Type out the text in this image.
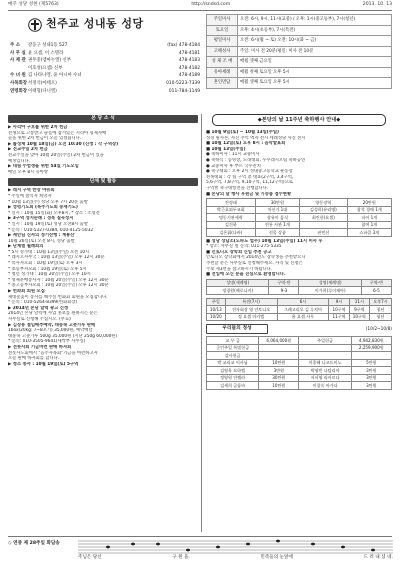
매주 성당 성현 (제5763)	http://sndsd.com	2013. 10. 13
천주교 성내동 성당
주 소	강동구 성내1동 527	(fax) 478-4184
사 무 실 윤 요셉, 이 스텔라	478-4181
사 제 관 권무중(엠마누엘) 신부	478-4183
이호성(요셉) 신부	478-4182
수 녀 원 김 나타나엘, 윤 아니마 수녀	478-4189
사목회장 서정석(마태오)	010-5223-7339
연령회장 이태형(다니엘)	011-784-1149
주일미사	오전: 6시, 9시, 11시(교중) / 오후: 1시(중고등부), 7시(청년)
토요일	오후: 4시(초등부), 7시(특전)
평일미사	오전: 6시(월 ~ 토) 오전: 10시(화 ~ 금)
고해성사	주일: 미사 전 20분/평일: 미사 전 10분
성 체 조 배	매월 셋째 금요일
유아세례	매월 첫째 토요일 오후 5시
혼인면담	매월 셋째 토요일 오후 5시
본 당 소 식
▶ 사리아 구호를 위한 2차 헌금
전쟁으로 고통받고 슬픔에 잠겨있는 시리아 형제자매
들을 위한 2차 헌금이 오늘 있겠습니다.
▶ 를성체 10월 18일(금) 오전 10:30 (신청 : 각 구역장)
▶ 전교주일 2차 헌금
전교주일을 맞아 10월 20일(주일) 2차 헌금이 있을
예정입니다.
▶ 대림 수험생을 위한 54일 기도모임
매일 오후 8시 유아방
단체 및 활동
▶ 레지 구역 반장 야유회
* 주일에 참석자 희망자
* 10월 13일(주) 성당 오후 7시 20분 출발
▶ 성령기도회 (목주기도회 중재기도)
* 일시 : 10월 15일(화) 오후8시, * 장소 : 소성전
▶ 3구역 성지순례 : 경북 칠곡성지
* 일시 : 10월 19일(토) 성당 오전8시 출발
* 문의 : 010-5327-0384, 010-4125-5032
▶ 제안님 신자의 정기산행 : 계룡산
10월 26일(토) 오전 8시, 성당 출발
▶ 단체별 월례회의
* 5시 성가대 : 10월 13일(주일) 오전 10시
* 레지오사무국 : 10월 13일(주일) 오후 12시 30분
* 복사자모회 : 10월 19일(토) 오후 3시
* 초등부자모회 : 10월 19일(토) 오후 5시
* 청년 성가대 : 10월 20일(주일) 오후 10시
* 성체분배봉사자 : 10월 20일(주일) 오후 12시 30분
* 중고등부자모회 : 10월 20일(주일) 오후 12시 30분
▶ 헌화회 회원 모집
제대꽃꽂이 봉사를 해주실 헌화회 회원을 모집합니다.
* 문의 : 010-5264-8399(헌화회장)
▶ 2014년 본당 달력 광고 신청
2014년 본당 달력에 사업 홍보를 원하시는 분은
사무실로 신청해 주십시오. (무료)
▶ 김장용 절임배추예약, 태풍속 고춧가루 판매
1box(20kg: 7~8포기) 35,000원, 예약배달
태풍속 고춧가루 500g 35,000원 (지난 250g 60,000원)
* 문의: 010-3505-9641(새싹부 사무실)
▶ 전롯사회 기금마련 판매 바자회
전롯사도회에서 "음주사목회"기금을 마련하고자
오늘 판매 바자회를 합니다.
▶ 청소 봉사 : 10월 19일(토) 5구역
◆본당의 날 11주년 축하행사 안내◆
■ 10월 9일(토) ~ 10월 13일(주일)
성경 필사본, 사진 추억 액자 전시 세례성당 사진 전시
■ 10월 12일(토) 오후 8시 : 음악발표회
■ 10월 13일(주일)
● 축하미사 : 11시 교중미사
● 축하식 : 동영상, 노래대회, 우수레지오팀 축하공연
● 교중미사 후 부르 국수잔치
● 축구대회 : 오후 2시 성내중고등학교 운동장
친목대회 : 각 팀 구역 총 대표(2구역, 3,4구역,
5,6구역, 7,8구역, 9,10구역, 11,12구역)으로
구역별 축구대항전을 진행합니다.
■ 본당의 날 행사 후원금 및 기증품 접수현황
전정태	30만원	양동장역	20만원
박근호외두교회	차선기 1대	김성희(유리병)	참석 경매 1개
명동기관세력	상유이 음식	최린한(요셉)	파이 1개
김건하	전통 사관 1개		참여 1개
김은휘(나바)	선물 상품	권민선	스파클 3개
■ 성당 상담소(노파도 법무) 10월 13일(주일) 11시 미사 후
* 장소: 사무실 옆 문의: 011-275-5335
■ 인토니오 장학회 신입 추천 공고
안토니오 장학회에서 2014년도 장학생을 추천받으니
추천할 분은 사무실로 신청해주세요. 자격 및 신청은
주보 제3면을 참고하시기 바랍니다.
■ 전입에 오신 분을 진심으로 환영합니다.
성명(세례명)	구역-반	성명(세례명)	구역-반
정경원(베로니카)	9-3	이가희(루이제아)	6-5
주일	특전(7시)	6시	9시	11시	오후7시
10/13	전자회장 영 안토니오	그레고리오 김 루치아	10구역	9구역	청년
10/20	정 요셉 미카엘	윤 요셉 사무	11구역	10구역	청년
우리들의 정성	(10/2~10/8)
교 무 금	6,064,000원	주일헌금	4,942,830원
군인주일 특별헌금			2,259,900원
감사헌금			
박 교리교 이사님	10만원	이종해 니코드미노	5만원
김영육 요하엘	3만원	박영빈 나탈리아	3만원
정영원 안젤라	30만원	서서영 리카르다	3만원
김세희 골룸바	10만원	이창숙 아가다	3만원
◇ 연중 제 28주일 화답송
주님은 당신	구 원 을.	민족들의 눈앞에	드 러 내 셨 네.
